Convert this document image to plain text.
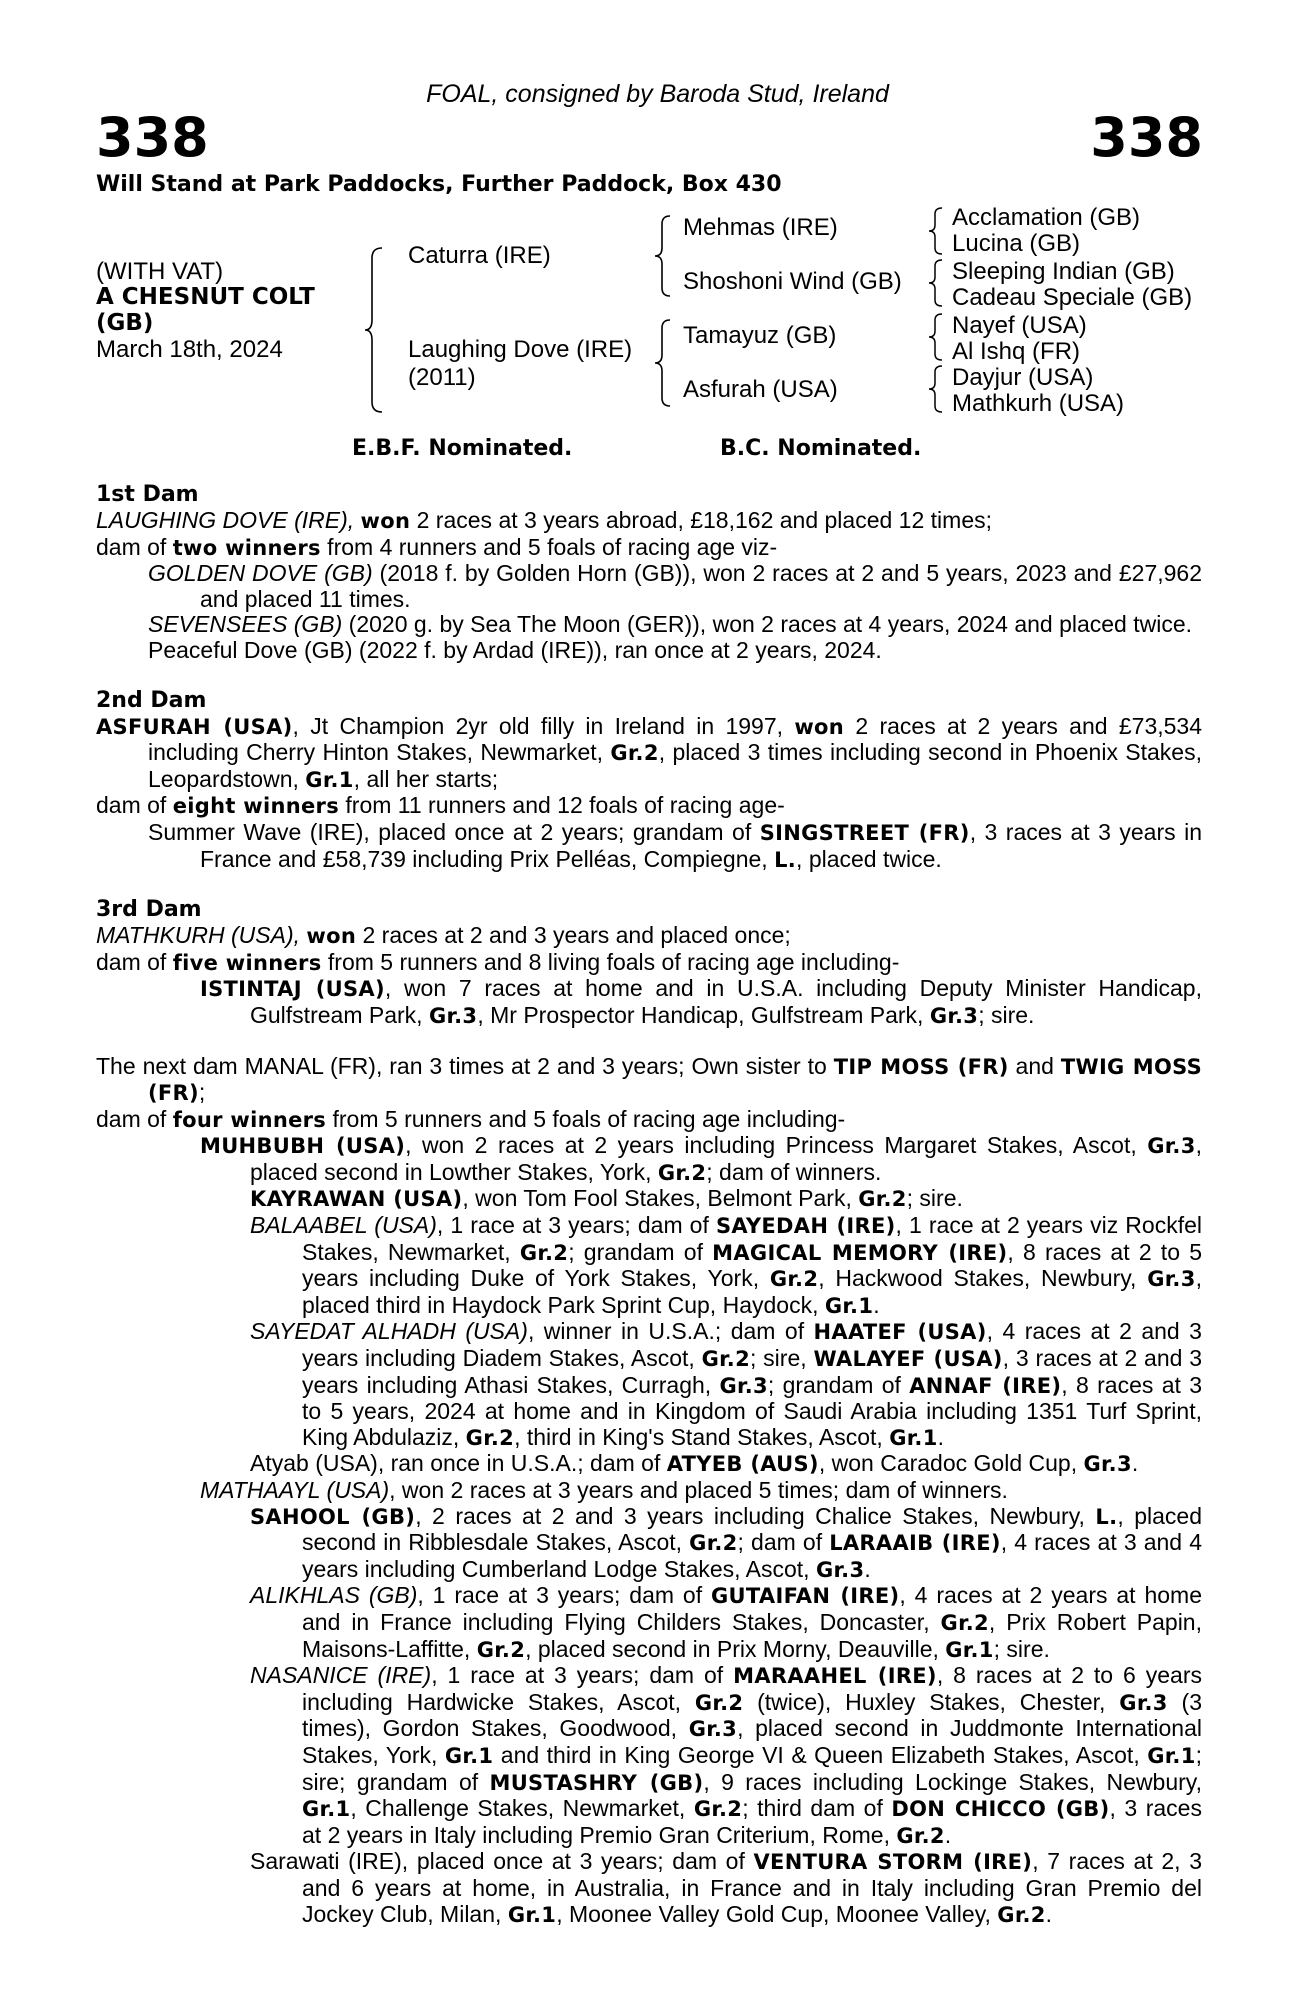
338	338
FOAL, consigned by Baroda Stud, Ireland
Will Stand at Park Paddocks, Further Paddock, Box 430
(WITH VAT)
A CHESNUT COLT
(GB)
March 18th, 2024
Caturra (IRE)
Laughing Dove (IRE)
(2011)
Mehmas (IRE)
Shoshoni Wind (GB)
Tamayuz (GB)
Asfurah (USA)
Acclamation (GB)
Lucina (GB)
Sleeping Indian (GB)
Cadeau Speciale (GB)
Nayef (USA)
Al Ishq (FR)
Dayjur (USA)
Mathkurh (USA)
E.B.F. Nominated.	B.C. Nominated.

1st Dam

LAUGHING DOVE (IRE), won 2 races at 3 years abroad, £18,162 and placed 12 times;

dam of two winners from 4 runners and 5 foals of racing age viz-

GOLDEN DOVE (GB) (2018 f. by Golden Horn (GB)), won 2 races at 2 and 5 years, 2023 and £27,962 and placed 11 times.

SEVENSEES (GB) (2020 g. by Sea The Moon (GER)), won 2 races at 4 years, 2024 and placed twice.

Peaceful Dove (GB) (2022 f. by Ardad (IRE)), ran once at 2 years, 2024.

2nd Dam

ASFURAH (USA), Jt Champion 2yr old filly in Ireland in 1997, won 2 races at 2 years and £73,534 including Cherry Hinton Stakes, Newmarket, Gr.2, placed 3 times including second in Phoenix Stakes, Leopardstown, Gr.1, all her starts;

dam of eight winners from 11 runners and 12 foals of racing age-

Summer Wave (IRE), placed once at 2 years; grandam of SINGSTREET (FR), 3 races at 3 years in France and £58,739 including Prix Pelléas, Compiegne, L., placed twice.

3rd Dam

MATHKURH (USA), won 2 races at 2 and 3 years and placed once;

dam of five winners from 5 runners and 8 living foals of racing age including-

ISTINTAJ (USA), won 7 races at home and in U.S.A. including Deputy Minister Handicap, Gulfstream Park, Gr.3, Mr Prospector Handicap, Gulfstream Park, Gr.3; sire.

The next dam MANAL (FR), ran 3 times at 2 and 3 years; Own sister to TIP MOSS (FR) and TWIG MOSS (FR);

dam of four winners from 5 runners and 5 foals of racing age including-

MUHBUBH (USA), won 2 races at 2 years including Princess Margaret Stakes, Ascot, Gr.3, placed second in Lowther Stakes, York, Gr.2; dam of winners.

KAYRAWAN (USA), won Tom Fool Stakes, Belmont Park, Gr.2; sire.

BALAABEL (USA), 1 race at 3 years; dam of SAYEDAH (IRE), 1 race at 2 years viz Rockfel Stakes, Newmarket, Gr.2; grandam of MAGICAL MEMORY (IRE), 8 races at 2 to 5 years including Duke of York Stakes, York, Gr.2, Hackwood Stakes, Newbury, Gr.3, placed third in Haydock Park Sprint Cup, Haydock, Gr.1.

SAYEDAT ALHADH (USA), winner in U.S.A.; dam of HAATEF (USA), 4 races at 2 and 3 years including Diadem Stakes, Ascot, Gr.2; sire, WALAYEF (USA), 3 races at 2 and 3 years including Athasi Stakes, Curragh, Gr.3; grandam of ANNAF (IRE), 8 races at 3 to 5 years, 2024 at home and in Kingdom of Saudi Arabia including 1351 Turf Sprint, King Abdulaziz, Gr.2, third in King's Stand Stakes, Ascot, Gr.1.

Atyab (USA), ran once in U.S.A.; dam of ATYEB (AUS), won Caradoc Gold Cup, Gr.3.

MATHAAYL (USA), won 2 races at 3 years and placed 5 times; dam of winners.

SAHOOL (GB), 2 races at 2 and 3 years including Chalice Stakes, Newbury, L., placed second in Ribblesdale Stakes, Ascot, Gr.2; dam of LARAAIB (IRE), 4 races at 3 and 4 years including Cumberland Lodge Stakes, Ascot, Gr.3.

ALIKHLAS (GB), 1 race at 3 years; dam of GUTAIFAN (IRE), 4 races at 2 years at home and in France including Flying Childers Stakes, Doncaster, Gr.2, Prix Robert Papin, Maisons-Laffitte, Gr.2, placed second in Prix Morny, Deauville, Gr.1; sire.

NASANICE (IRE), 1 race at 3 years; dam of MARAAHEL (IRE), 8 races at 2 to 6 years including Hardwicke Stakes, Ascot, Gr.2 (twice), Huxley Stakes, Chester, Gr.3 (3 times), Gordon Stakes, Goodwood, Gr.3, placed second in Juddmonte International Stakes, York, Gr.1 and third in King George VI & Queen Elizabeth Stakes, Ascot, Gr.1; sire; grandam of MUSTASHRY (GB), 9 races including Lockinge Stakes, Newbury, Gr.1, Challenge Stakes, Newmarket, Gr.2; third dam of DON CHICCO (GB), 3 races at 2 years in Italy including Premio Gran Criterium, Rome, Gr.2.

Sarawati (IRE), placed once at 3 years; dam of VENTURA STORM (IRE), 7 races at 2, 3 and 6 years at home, in Australia, in France and in Italy including Gran Premio del Jockey Club, Milan, Gr.1, Moonee Valley Gold Cup, Moonee Valley, Gr.2.
